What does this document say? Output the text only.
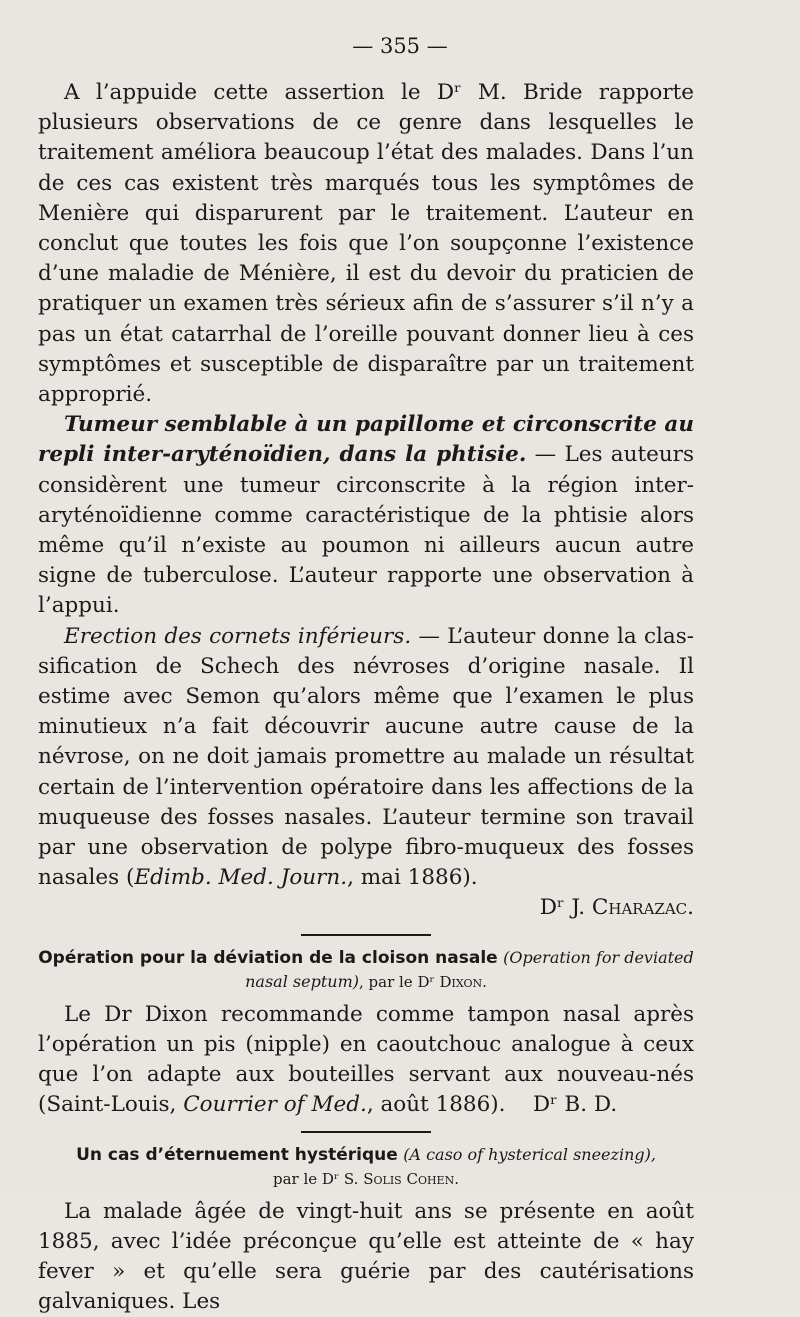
— 355 —

A l’appuide cette assertion le Dʳ M. Bride rapporte plusieurs observations de ce genre dans lesquelles le traitement améliora beaucoup l’état des malades. Dans l’un de ces cas existent très marqués tous les symptômes de Menière qui disparurent par le traitement. L’auteur en conclut que toutes les fois que l’on soupçonne l’existence d’une maladie de Ménière, il est du devoir du praticien de pratiquer un examen très sérieux afin de s’assurer s’il n’y a pas un état catarrhal de l’oreille pouvant donner lieu à ces symptômes et susceptible de disparaître par un traitement approprié.

Tumeur semblable à un papillome et circonscrite au repli inter-aryténoïdien, dans la phtisie. — Les auteurs considèrent une tumeur circonscrite à la région inter-aryténoïdienne comme caractéristique de la phtisie alors même qu’il n’existe au poumon ni ailleurs aucun autre signe de tuberculose. L’auteur rapporte une observation à l’appui.

Erection des cornets inférieurs. — L’auteur donne la classification de Schech des névroses d’origine nasale. Il estime avec Semon qu’alors même que l’examen le plus minutieux n’a fait découvrir aucune autre cause de la névrose, on ne doit jamais promettre au malade un résultat certain de l’intervention opératoire dans les affections de la muqueuse des fosses nasales. L’auteur termine son travail par une observation de polype fibro-muqueux des fosses nasales (Edimb. Med. Journ., mai 1886).

Dʳ J. Charazac.
Opération pour la déviation de la cloison nasale (Operation for deviated nasal septum), par le Dʳ Dixon.

Le Dr Dixon recommande comme tampon nasal après l’opération un pis (nipple) en caoutchouc analogue à ceux que l’on adapte aux bouteilles servant aux nouveau-nés (Saint-Louis, Courrier of Med., août 1886). Dʳ B. D.

Un cas d’éternuement hystérique (A caso of hysterical sneezing),
par le Dʳ S. Solis Cohen.

La malade âgée de vingt-huit ans se présente en août 1885, avec l’idée préconçue qu’elle est atteinte de « hay fever » et qu’elle sera guérie par des cautérisations galvaniques. Les
